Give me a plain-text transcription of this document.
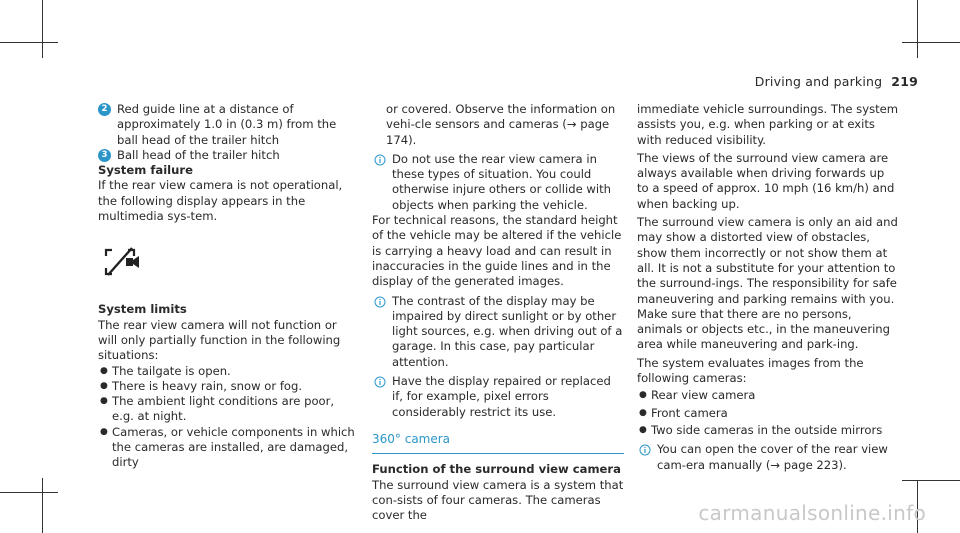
Driving and parking 219
2 Red guide line at a distance of approximately 1.0 in (0.3 m) from the ball head of the trailer hitch

3 Ball head of the trailer hitch

System failure

If the rear view camera is not operational, the following display appears in the multimedia sys-tem.

System limits

The rear view camera will not function or will only partially function in the following situations:

● The tailgate is open.

● There is heavy rain, snow or fog.

● The ambient light conditions are poor, e.g. at night.

● Cameras, or vehicle components in which the cameras are installed, are damaged, dirty

or covered. Observe the information on vehi-cle sensors and cameras (→ page 174).

Do not use the rear view camera in these types of situation. You could otherwise injure others or collide with objects when parking the vehicle.

For technical reasons, the standard height of the vehicle may be altered if the vehicle is carrying a heavy load and can result in inaccuracies in the guide lines and in the display of the generated images.

The contrast of the display may be impaired by direct sunlight or by other light sources, e.g. when driving out of a garage. In this case, pay particular attention.

Have the display repaired or replaced if, for example, pixel errors considerably restrict its use.

360° camera

Function of the surround view camera

The surround view camera is a system that con-sists of four cameras. The cameras cover the

immediate vehicle surroundings. The system assists you, e.g. when parking or at exits with reduced visibility.

The views of the surround view camera are always available when driving forwards up to a speed of approx. 10 mph (16 km/h) and when backing up.

The surround view camera is only an aid and may show a distorted view of obstacles, show them incorrectly or not show them at all. It is not a substitute for your attention to the surround-ings. The responsibility for safe maneuvering and parking remains with you. Make sure that there are no persons, animals or objects etc., in the maneuvering area while maneuvering and park-ing.

The system evaluates images from the following cameras:

● Rear view camera

● Front camera

● Two side cameras in the outside mirrors

You can open the cover of the rear view cam-era manually (→ page 223).

carmanualsonline.info
